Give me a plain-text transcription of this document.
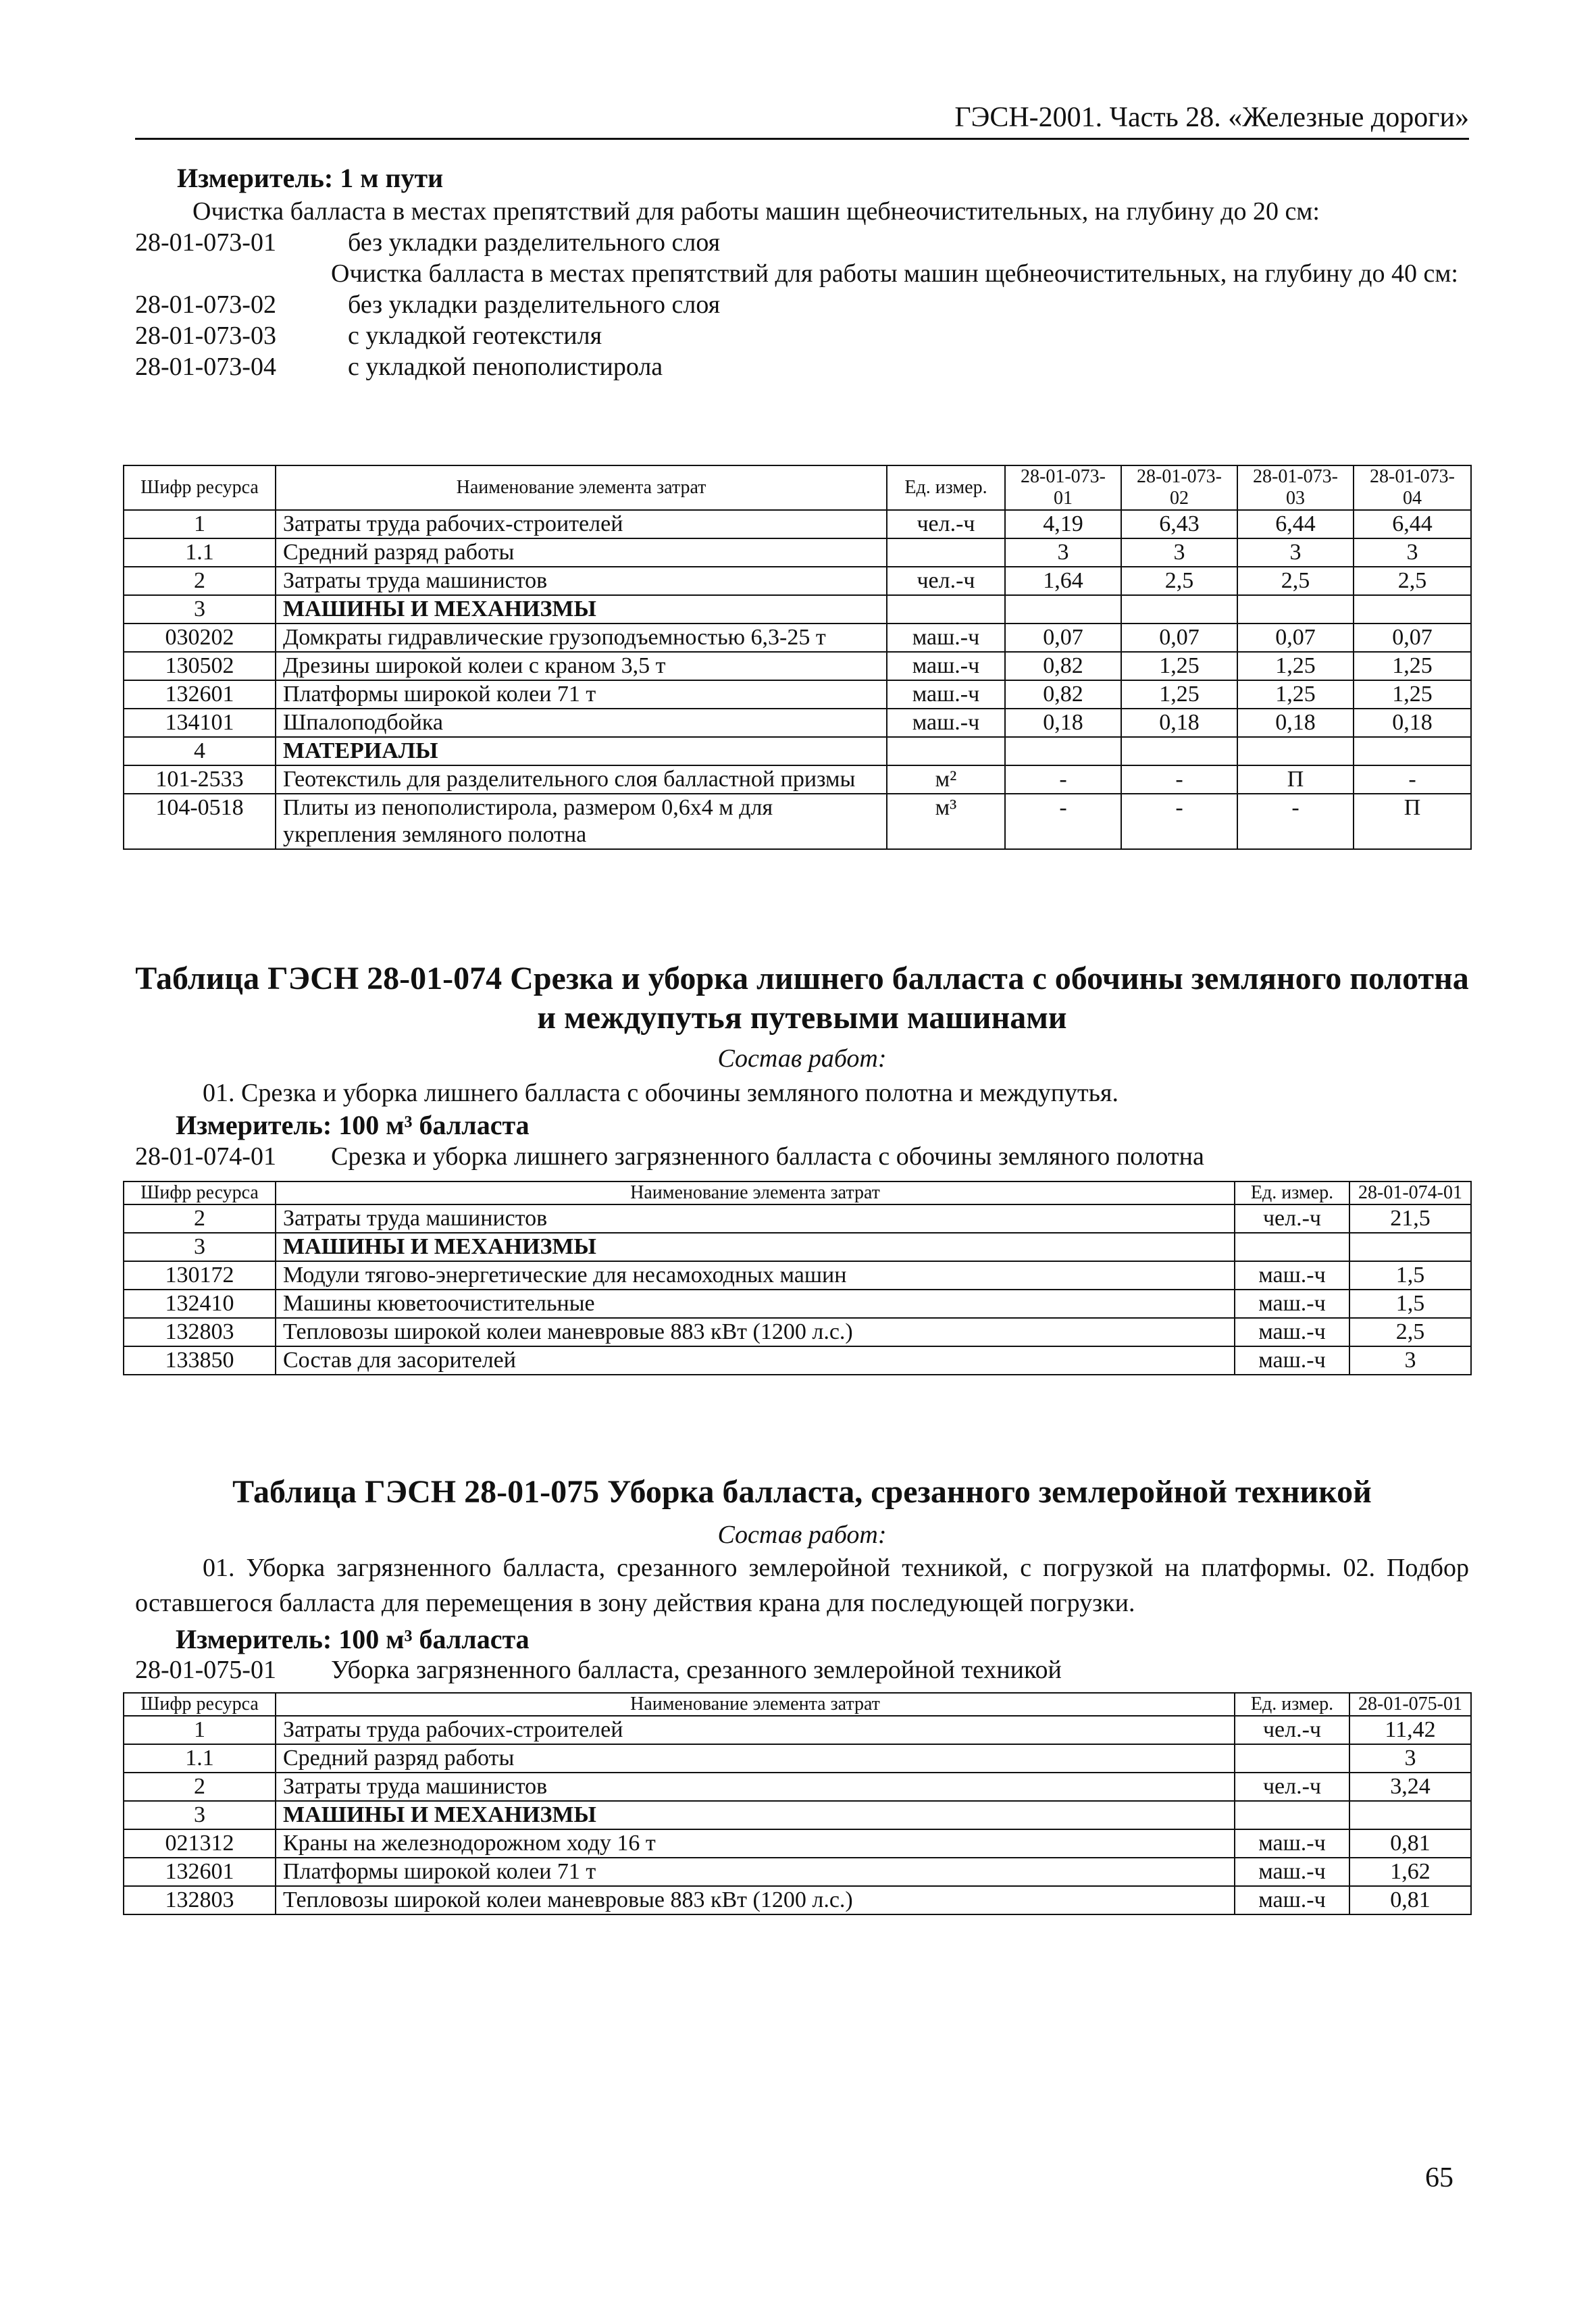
ГЭСН-2001. Часть 28. «Железные дороги»
Измеритель: 1 м пути
Очистка балласта в местах препятствий для работы машин щебнеочистительных, на глубину до 20 см:
28-01-073-01	без укладки разделительного слоя
Очистка балласта в местах препятствий для работы машин щебнеочистительных, на глубину до 40 см:
28-01-073-02	без укладки разделительного слоя
28-01-073-03	с укладкой геотекстиля
28-01-073-04	с укладкой пенополистирола
Шифр ресурса	Наименование элемента затрат	Ед. измер.	28-01-073-01	28-01-073-02	28-01-073-03	28-01-073-04
1	Затраты труда рабочих-строителей	чел.-ч	4,19	6,43	6,44	6,44
1.1	Средний разряд работы		3	3	3	3
2	Затраты труда машинистов	чел.-ч	1,64	2,5	2,5	2,5
3	МАШИНЫ И МЕХАНИЗМЫ					
030202	Домкраты гидравлические грузоподъемностью 6,3-25 т	маш.-ч	0,07	0,07	0,07	0,07
130502	Дрезины широкой колеи с краном 3,5 т	маш.-ч	0,82	1,25	1,25	1,25
132601	Платформы широкой колеи 71 т	маш.-ч	0,82	1,25	1,25	1,25
134101	Шпалоподбойка	маш.-ч	0,18	0,18	0,18	0,18
4	МАТЕРИАЛЫ					
101-2533	Геотекстиль для разделительного слоя балластной призмы	м²	-	-	П	-
104-0518	Плиты из пенополистирола, размером 0,6х4 м для укрепления земляного полотна	м³	-	-	-	П
Таблица ГЭСН 28-01-074 Срезка и уборка лишнего балласта с обочины земляного полотна и междупутья путевыми машинами
Состав работ:
01. Срезка и уборка лишнего балласта с обочины земляного полотна и междупутья.
Измеритель: 100 м³ балласта
28-01-074-01 Срезка и уборка лишнего загрязненного балласта с обочины земляного полотна
Шифр ресурса	Наименование элемента затрат	Ед. измер.	28-01-074-01
2	Затраты труда машинистов	чел.-ч	21,5
3	МАШИНЫ И МЕХАНИЗМЫ		
130172	Модули тягово-энергетические для несамоходных машин	маш.-ч	1,5
132410	Машины кюветоочистительные	маш.-ч	1,5
132803	Тепловозы широкой колеи маневровые 883 кВт (1200 л.с.)	маш.-ч	2,5
133850	Состав для засорителей	маш.-ч	3
Таблица ГЭСН 28-01-075 Уборка балласта, срезанного землеройной техникой
Состав работ:
01. Уборка загрязненного балласта, срезанного землеройной техникой, с погрузкой на платформы. 02. Подбор оставшегося балласта для перемещения в зону действия крана для последующей погрузки.
Измеритель: 100 м³ балласта
28-01-075-01 Уборка загрязненного балласта, срезанного землеройной техникой
Шифр ресурса	Наименование элемента затрат	Ед. измер.	28-01-075-01
1	Затраты труда рабочих-строителей	чел.-ч	11,42
1.1	Средний разряд работы		3
2	Затраты труда машинистов	чел.-ч	3,24
3	МАШИНЫ И МЕХАНИЗМЫ		
021312	Краны на железнодорожном ходу 16 т	маш.-ч	0,81
132601	Платформы широкой колеи 71 т	маш.-ч	1,62
132803	Тепловозы широкой колеи маневровые 883 кВт (1200 л.с.)	маш.-ч	0,81
65
